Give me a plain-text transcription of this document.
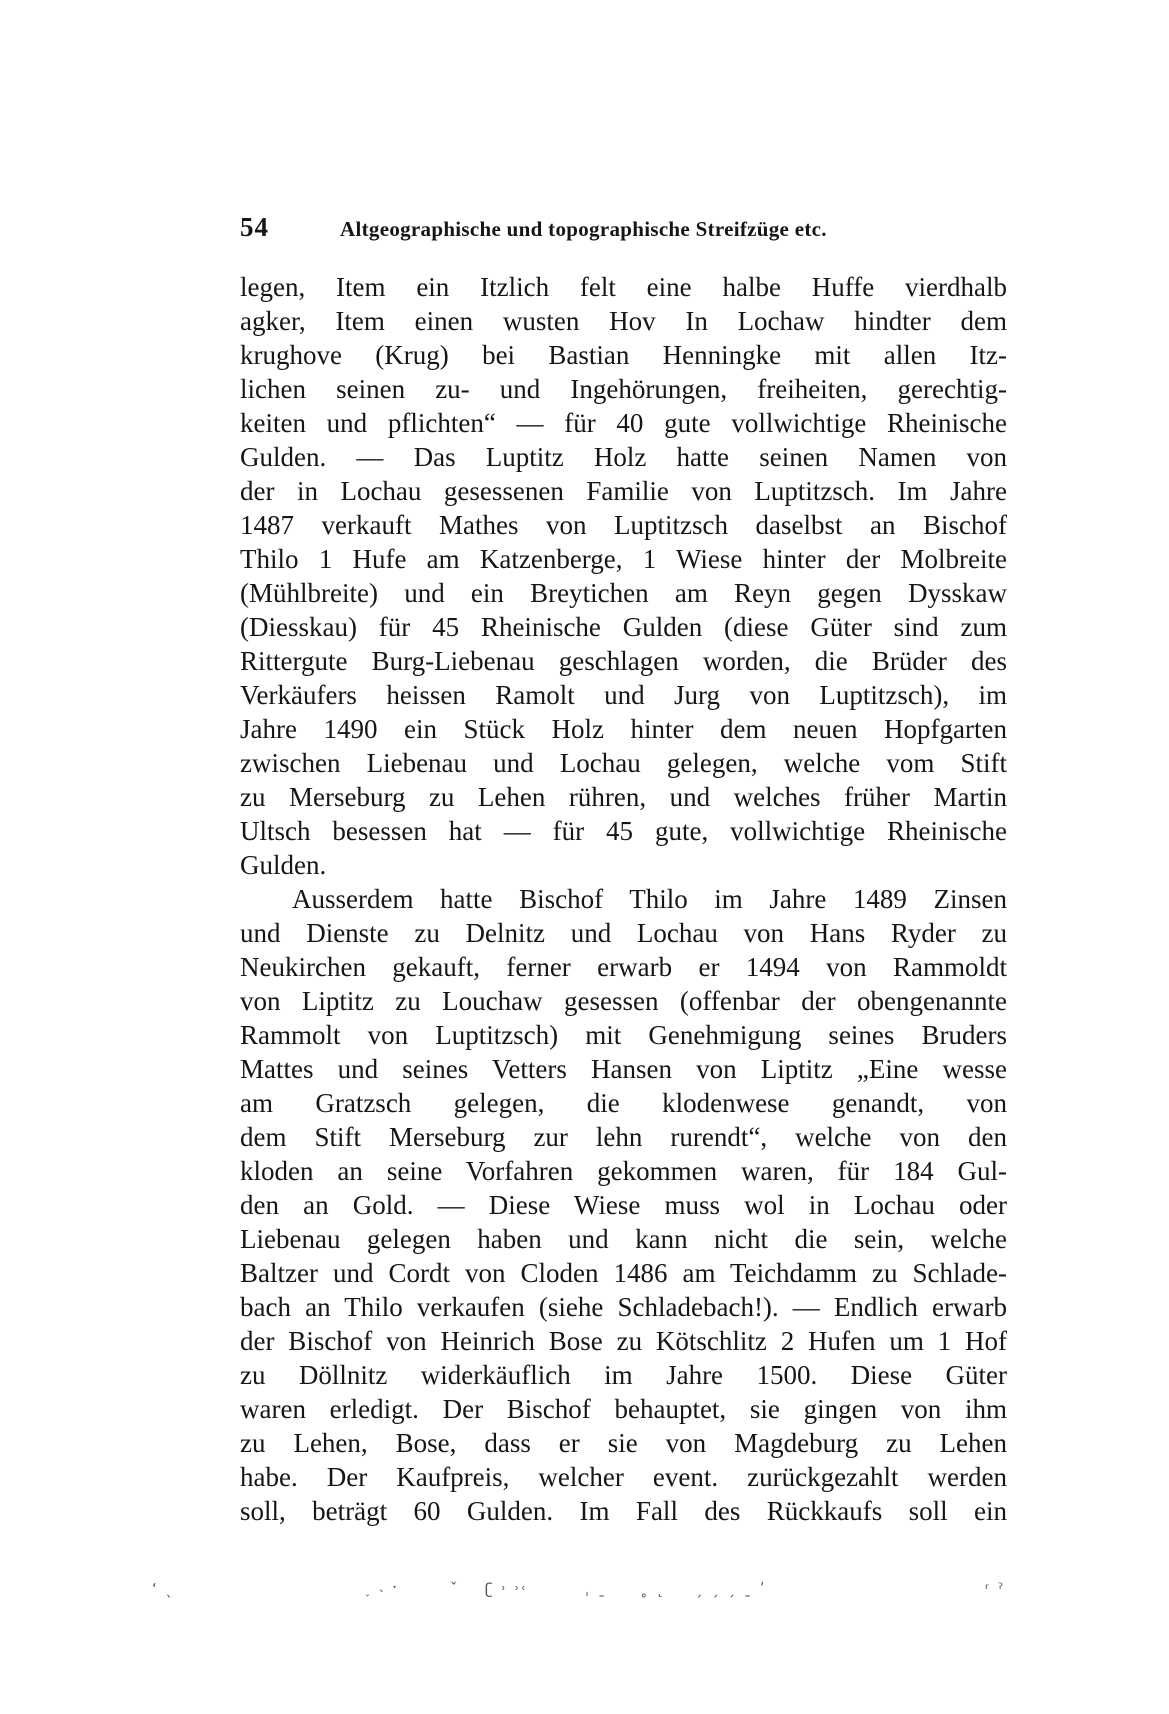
54	Altgeographische und topographische Streifzüge etc.
legen, Item ein Itzlich felt eine halbe Huffe vierdhalb
agker, Item einen wusten Hov In Lochaw hindter dem
krughove (Krug) bei Bastian Henningke mit allen Itz-
lichen seinen zu- und Ingehörungen, freiheiten, gerechtig-
keiten und pflichten“ — für 40 gute vollwichtige Rheinische
Gulden. — Das Luptitz Holz hatte seinen Namen von
der in Lochau gesessenen Familie von Luptitzsch. Im Jahre
1487 verkauft Mathes von Luptitzsch daselbst an Bischof
Thilo 1 Hufe am Katzenberge, 1 Wiese hinter der Molbreite
(Mühlbreite) und ein Breytichen am Reyn gegen Dysskaw
(Diesskau) für 45 Rheinische Gulden (diese Güter sind zum
Rittergute Burg-Liebenau geschlagen worden, die Brüder des
Verkäufers heissen Ramolt und Jurg von Luptitzsch), im
Jahre 1490 ein Stück Holz hinter dem neuen Hopfgarten
zwischen Liebenau und Lochau gelegen, welche vom Stift
zu Merseburg zu Lehen rühren, und welches früher Martin
Ultsch besessen hat — für 45 gute, vollwichtige Rheinische
Gulden.
Ausserdem hatte Bischof Thilo im Jahre 1489 Zinsen
und Dienste zu Delnitz und Lochau von Hans Ryder zu
Neukirchen gekauft, ferner erwarb er 1494 von Rammoldt
von Liptitz zu Louchaw gesessen (offenbar der obengenannte
Rammolt von Luptitzsch) mit Genehmigung seines Bruders
Mattes und seines Vetters Hansen von Liptitz „Eine wesse
am Gratzsch gelegen, die klodenwese genandt, von
dem Stift Merseburg zur lehn rurendt“, welche von den
kloden an seine Vorfahren gekommen waren, für 184 Gul-
den an Gold. — Diese Wiese muss wol in Lochau oder
Liebenau gelegen haben und kann nicht die sein, welche
Baltzer und Cordt von Cloden 1486 am Teichdamm zu Schlade-
bach an Thilo verkaufen (siehe Schladebach!). — Endlich erwarb
der Bischof von Heinrich Bose zu Kötschlitz 2 Hufen um 1 Hof
zu Döllnitz widerkäuflich im Jahre 1500. Diese Güter
waren erledigt. Der Bischof behauptet, sie gingen von ihm
zu Lehen, Bose, dass er sie von Magdeburg zu Lehen
habe. Der Kaufpreis, welcher event. zurückgezahlt werden
soll, beträgt 60 Gulden. Im Fall des Rückkaufs soll ein
‘ ˎ	˯ ˴ ˑ	ˇ ʗ ˒ ˒˓	ˌ ˍ ˳ ˛ ˏ ˏ ˏ ˍ ʹ	ʳ ˀ
